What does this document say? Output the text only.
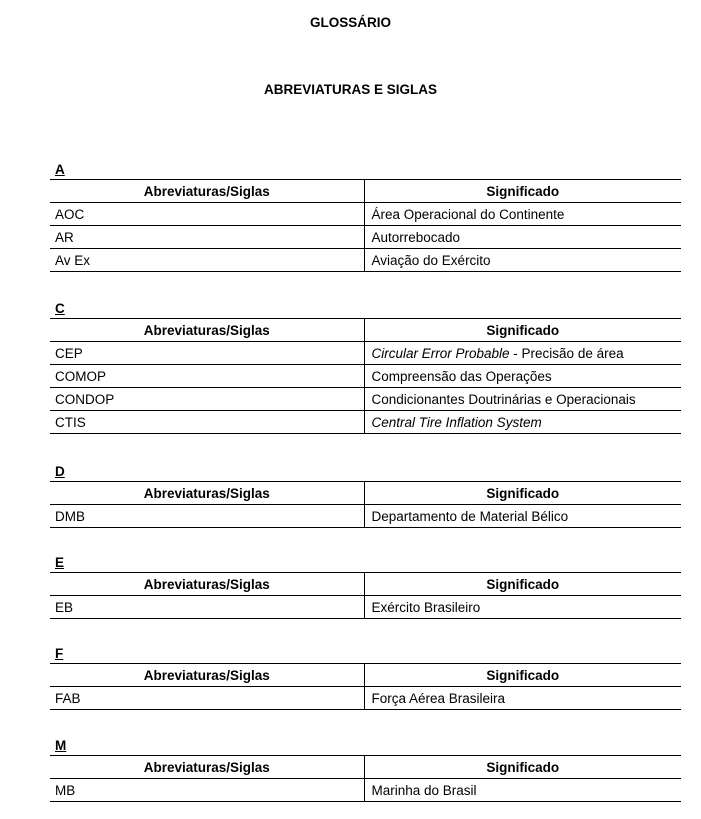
GLOSSÁRIO
ABREVIATURAS E SIGLAS
A
Abreviaturas/Siglas	Significado
AOC	Área Operacional do Continente
AR	Autorrebocado
Av Ex	Aviação do Exército
C
Abreviaturas/Siglas	Significado
CEP	Circular Error Probable - Precisão de área
COMOP	Compreensão das Operações
CONDOP	Condicionantes Doutrinárias e Operacionais
CTIS	Central Tire Inflation System
D
Abreviaturas/Siglas	Significado
DMB	Departamento de Material Bélico
E
Abreviaturas/Siglas	Significado
EB	Exército Brasileiro
F
Abreviaturas/Siglas	Significado
FAB	Força Aérea Brasileira
M
Abreviaturas/Siglas	Significado
MB	Marinha do Brasil
